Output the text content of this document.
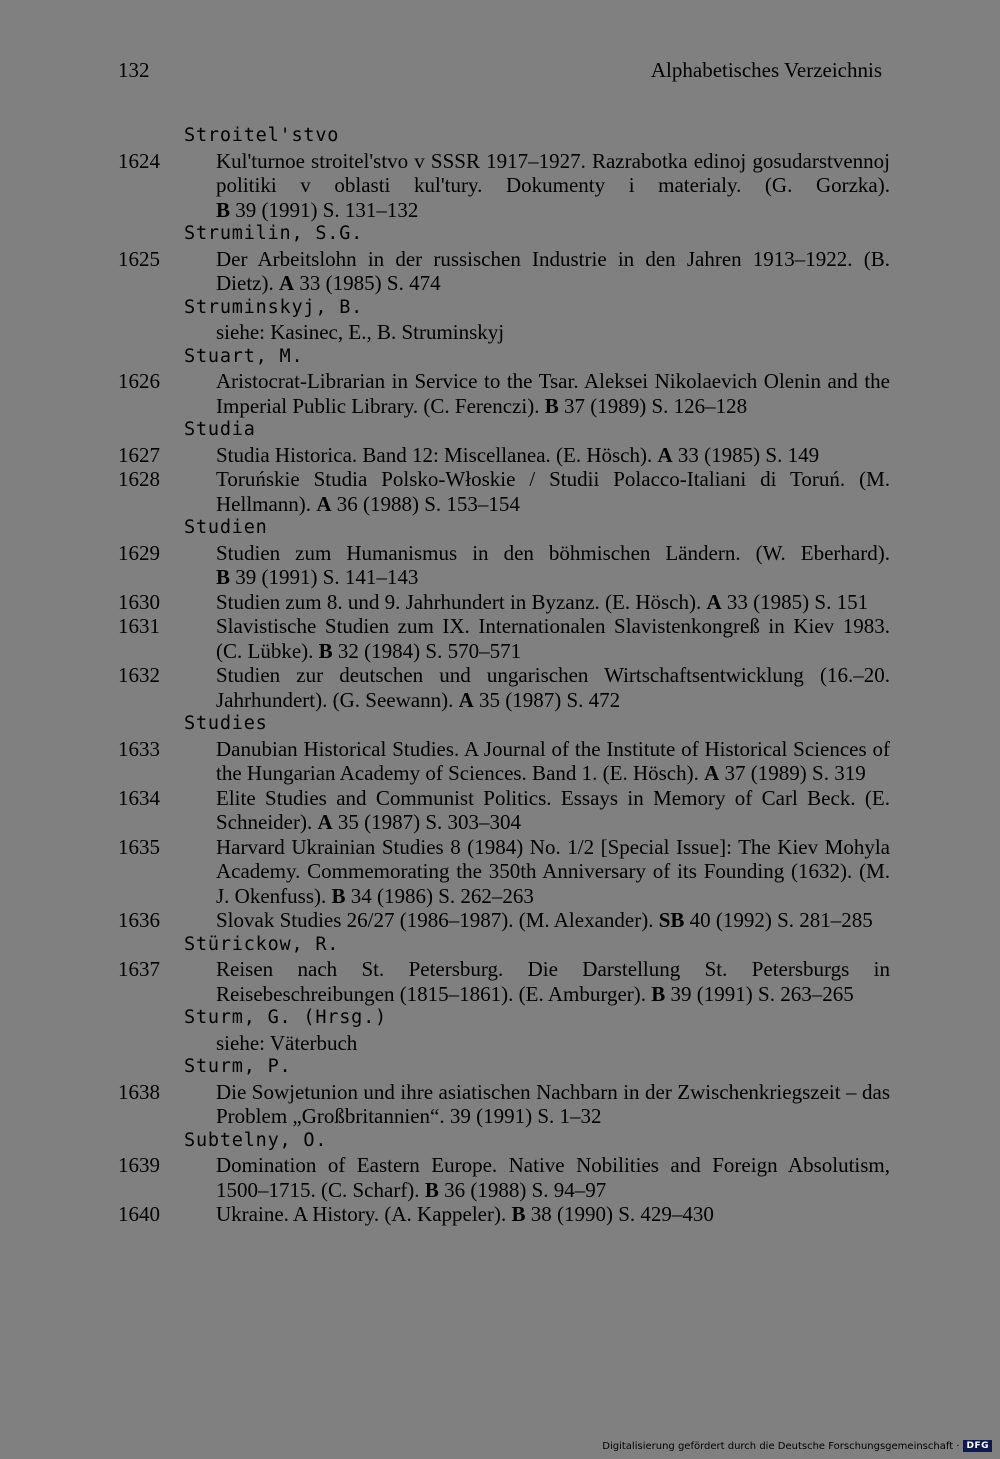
132	Alphabetisches Verzeichnis
Stroitel'stvo
1624	Kul'turnoe stroitel'stvo v SSSR 1917–1927. Razrabotka edinoj gosudarstvennoj politiki v oblasti kul'tury. Dokumenty i materialy. (G. Gorzka). B 39 (1991) S. 131–132
Strumilin, S.G.
1625	Der Arbeitslohn in der russischen Industrie in den Jahren 1913–1922. (B. Dietz). A 33 (1985) S. 474
Struminskyj, B.
siehe: Kasinec, E., B. Struminskyj
Stuart, M.
1626	Aristocrat-Librarian in Service to the Tsar. Aleksei Nikolaevich Olenin and the Imperial Public Library. (C. Ferenczi). B 37 (1989) S. 126–128
Studia
1627	Studia Historica. Band 12: Miscellanea. (E. Hösch). A 33 (1985) S. 149
1628	Toruńskie Studia Polsko-Włoskie / Studii Polacco-Italiani di Toruń. (M. Hellmann). A 36 (1988) S. 153–154
Studien
1629	Studien zum Humanismus in den böhmischen Ländern. (W. Eberhard). B 39 (1991) S. 141–143
1630	Studien zum 8. und 9. Jahrhundert in Byzanz. (E. Hösch). A 33 (1985) S. 151
1631	Slavistische Studien zum IX. Internationalen Slavistenkongreß in Kiev 1983. (C. Lübke). B 32 (1984) S. 570–571
1632	Studien zur deutschen und ungarischen Wirtschaftsentwicklung (16.–20. Jahrhundert). (G. Seewann). A 35 (1987) S. 472
Studies
1633	Danubian Historical Studies. A Journal of the Institute of Historical Sciences of the Hungarian Academy of Sciences. Band 1. (E. Hösch). A 37 (1989) S. 319
1634	Elite Studies and Communist Politics. Essays in Memory of Carl Beck. (E. Schneider). A 35 (1987) S. 303–304
1635	Harvard Ukrainian Studies 8 (1984) No. 1/2 [Special Issue]: The Kiev Mohyla Academy. Commemorating the 350th Anniversary of its Founding (1632). (M. J. Okenfuss). B 34 (1986) S. 262–263
1636	Slovak Studies 26/27 (1986–1987). (M. Alexander). SB 40 (1992) S. 281–285
Stürickow, R.
1637	Reisen nach St. Petersburg. Die Darstellung St. Petersburgs in Reisebeschreibungen (1815–1861). (E. Amburger). B 39 (1991) S. 263–265
Sturm, G. (Hrsg.)
siehe: Väterbuch
Sturm, P.
1638	Die Sowjetunion und ihre asiatischen Nachbarn in der Zwischenkriegszeit – das Problem „Großbritannien“. 39 (1991) S. 1–32
Subtelny, O.
1639	Domination of Eastern Europe. Native Nobilities and Foreign Absolutism, 1500–1715. (C. Scharf). B 36 (1988) S. 94–97
1640	Ukraine. A History. (A. Kappeler). B 38 (1990) S. 429–430
Digitalisierung gefördert durch die Deutsche Forschungsgemeinschaft · DFG
